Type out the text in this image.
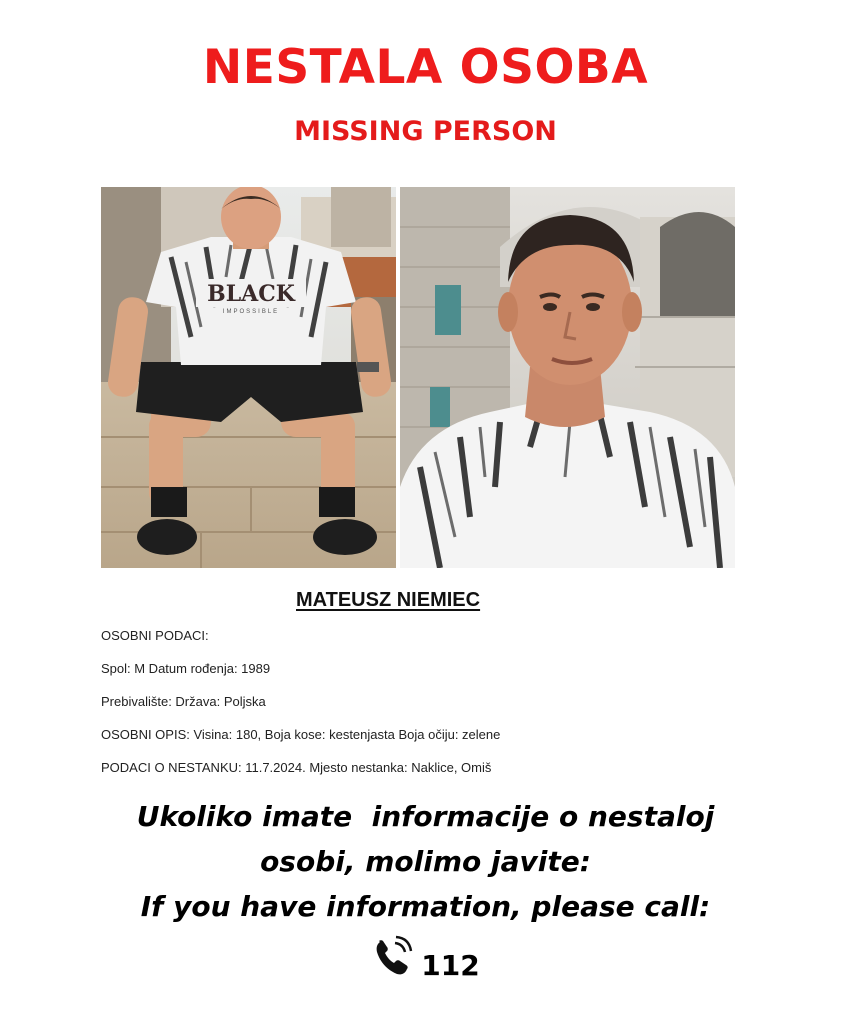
NESTALA OSOBA
MISSING PERSON
BLACK
IMPOSSIBLE
MATEUSZ NIEMIEC
OSOBNI PODACI:
Spol: M Datum rođenja: 1989
Prebivalište: Država: Poljska
OSOBNI OPIS: Visina: 180, Boja kose: kestenjasta Boja očiju: zelene
PODACI O NESTANKU: 11.7.2024. Mjesto nestanka: Naklice, Omiš
Ukoliko imate  informacije o nestaloj
osobi, molimo javite:
If you have information, please call:
112
